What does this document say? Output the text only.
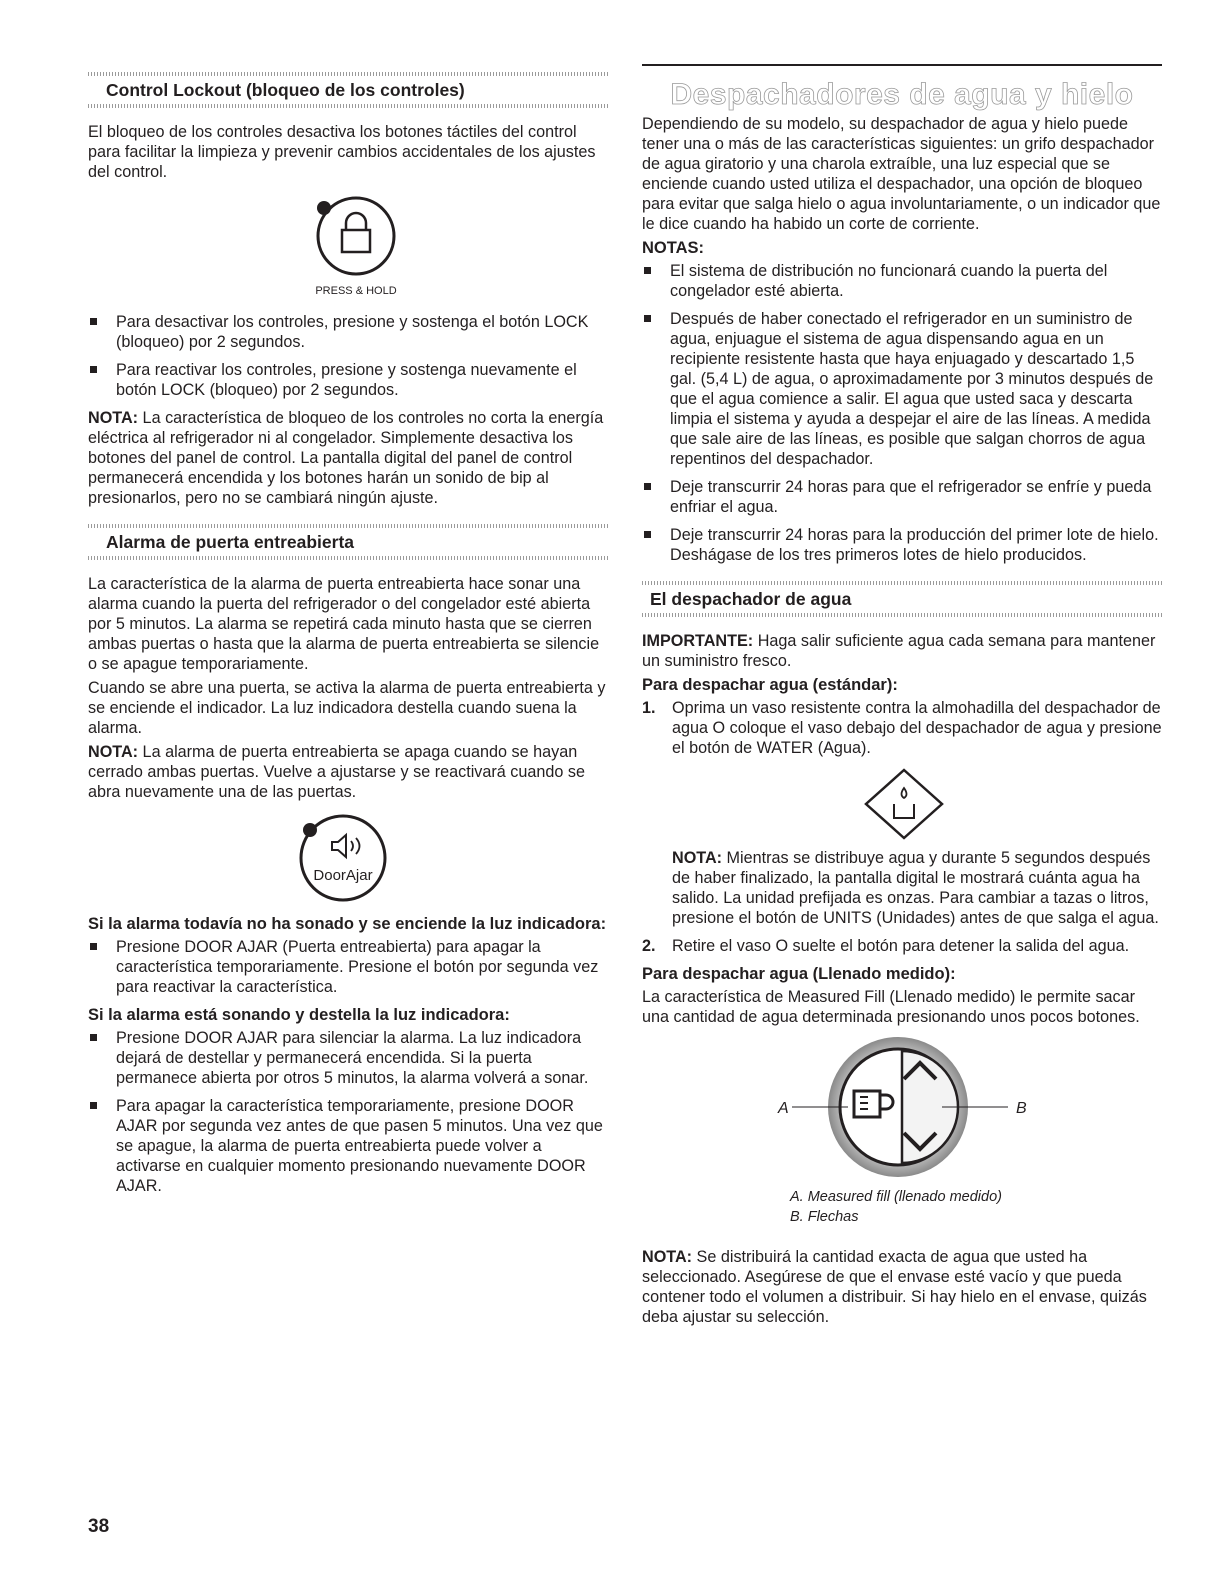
Control Lockout (bloqueo de los controles)

El bloqueo de los controles desactiva los botones táctiles del control para facilitar la limpieza y prevenir cambios accidentales de los ajustes del control.

PRESS & HOLD
Para desactivar los controles, presione y sostenga el botón LOCK (bloqueo) por 2 segundos.
Para reactivar los controles, presione y sostenga nuevamente el botón LOCK (bloqueo) por 2 segundos.

NOTA: La característica de bloqueo de los controles no corta la energía eléctrica al refrigerador ni al congelador. Simplemente desactiva los botones del panel de control. La pantalla digital del panel de control permanecerá encendida y los botones harán un sonido de bip al presionarlos, pero no se cambiará ningún ajuste.

Alarma de puerta entreabierta

La característica de la alarma de puerta entreabierta hace sonar una alarma cuando la puerta del refrigerador o del congelador esté abierta por 5 minutos. La alarma se repetirá cada minuto hasta que se cierren ambas puertas o hasta que la alarma de puerta entreabierta se silencie o se apague temporariamente.

Cuando se abre una puerta, se activa la alarma de puerta entreabierta y se enciende el indicador. La luz indicadora destella cuando suena la alarma.

NOTA: La alarma de puerta entreabierta se apaga cuando se hayan cerrado ambas puertas. Vuelve a ajustarse y se reactivará cuando se abra nuevamente una de las puertas.

DoorAjar
Si la alarma todavía no ha sonado y se enciende la luz indicadora:
Presione DOOR AJAR (Puerta entreabierta) para apagar la característica temporariamente. Presione el botón por segunda vez para reactivar la característica.
Si la alarma está sonando y destella la luz indicadora:
Presione DOOR AJAR para silenciar la alarma. La luz indicadora dejará de destellar y permanecerá encendida. Si la puerta permanece abierta por otros 5 minutos, la alarma volverá a sonar.
Para apagar la característica temporariamente, presione DOOR AJAR por segunda vez antes de que pasen 5 minutos. Una vez que se apague, la alarma de puerta entreabierta puede volver a activarse en cualquier momento presionando nuevamente DOOR AJAR.
Despachadores de agua y hielo

Dependiendo de su modelo, su despachador de agua y hielo puede tener una o más de las características siguientes: un grifo despachador de agua giratorio y una charola extraíble, una luz especial que se enciende cuando usted utiliza el despachador, una opción de bloqueo para evitar que salga hielo o agua involuntariamente, o un indicador que le dice cuando ha habido un corte de corriente.

NOTAS:
El sistema de distribución no funcionará cuando la puerta del congelador esté abierta.
Después de haber conectado el refrigerador en un suministro de agua, enjuague el sistema de agua dispensando agua en un recipiente resistente hasta que haya enjuagado y descartado 1,5 gal. (5,4 L) de agua, o aproximadamente por 3 minutos después de que el agua comience a salir. El agua que usted saca y descarta limpia el sistema y ayuda a despejar el aire de las líneas. A medida que sale aire de las líneas, es posible que salgan chorros de agua repentinos del despachador.
Deje transcurrir 24 horas para que el refrigerador se enfríe y pueda enfriar el agua.
Deje transcurrir 24 horas para la producción del primer lote de hielo. Deshágase de los tres primeros lotes de hielo producidos.
El despachador de agua

IMPORTANTE: Haga salir suficiente agua cada semana para mantener un suministro fresco.

Para despachar agua (estándar):
1. Oprima un vaso resistente contra la almohadilla del despachador de agua O coloque el vaso debajo del despachador de agua y presione el botón de WATER (Agua).

NOTA: Mientras se distribuye agua y durante 5 segundos después de haber finalizado, la pantalla digital le mostrará cuánta agua ha salido. La unidad prefijada es onzas. Para cambiar a tazas o litros, presione el botón de UNITS (Unidades) antes de que salga el agua.

2. Retire el vaso O suelte el botón para detener la salida del agua.
Para despachar agua (Llenado medido):

La característica de Measured Fill (Llenado medido) le permite sacar una cantidad de agua determinada presionando unos pocos botones.

A	B
A. Measured fill (llenado medido)
B. Flechas

NOTA: Se distribuirá la cantidad exacta de agua que usted ha seleccionado. Asegúrese de que el envase esté vacío y que pueda contener todo el volumen a distribuir. Si hay hielo en el envase, quizás deba ajustar su selección.

38
